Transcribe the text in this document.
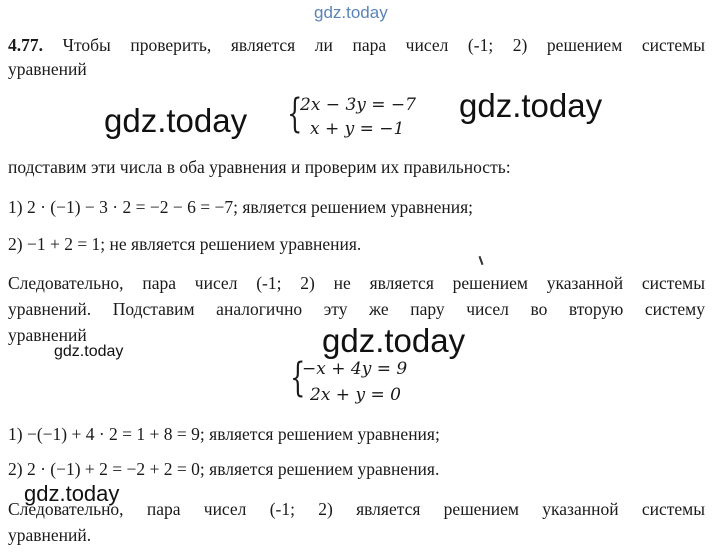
gdz.today
4.77. Чтобы проверить, является ли пара чисел (-1; 2) решением системы
уравнений
gdz.today {
2x − 3y = −7
x + y = −1
gdz.today
подставим эти числа в оба уравнения и проверим их правильность:
1) 2 · (−1) − 3 · 2 = −2 − 6 = −7; является решением уравнения;
2) −1 + 2 = 1; не является решением уравнения.
Следовательно, пара чисел (-1; 2) не является решением указанной системы
уравнений. Подставим аналогично эту же пару чисел во вторую систему
уравнений
gdz.today	gdz.today
{
−x + 4y = 9
2x + y = 0
1) −(−1) + 4 · 2 = 1 + 8 = 9; является решением уравнения;
2) 2 · (−1) + 2 = −2 + 2 = 0; является решением уравнения.
gdz.today
Следовательно, пара чисел (-1; 2) является решением указанной системы
уравнений.
